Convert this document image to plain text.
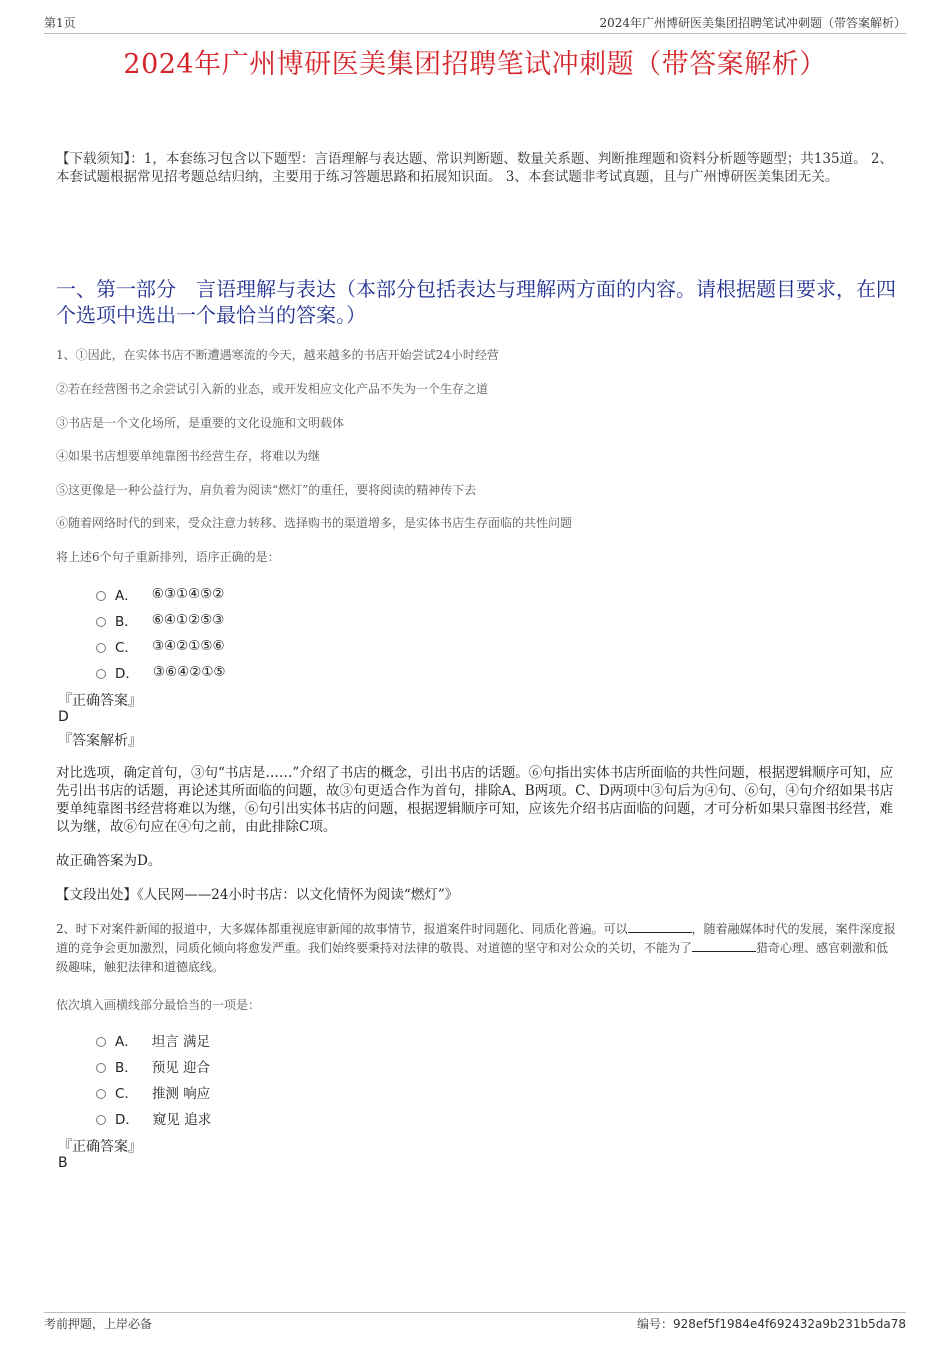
第1页	2024年广州博研医美集团招聘笔试冲刺题（带答案解析）
2024年广州博研医美集团招聘笔试冲刺题（带答案解析）
【下载须知】：1，本套练习包含以下题型：言语理解与表达题、常识判断题、数量关系题、判断推理题和资料分析题等题型；共135道。 2、本套试题根据常见招考题总结归纳，主要用于练习答题思路和拓展知识面。 3、本套试题非考试真题，且与广州博研医美集团无关。
一、第一部分　言语理解与表达（本部分包括表达与理解两方面的内容。请根据题目要求，在四个选项中选出一个最恰当的答案。）
1、①因此，在实体书店不断遭遇寒流的今天，越来越多的书店开始尝试24小时经营
②若在经营图书之余尝试引入新的业态，或开发相应文化产品不失为一个生存之道
③书店是一个文化场所，是重要的文化设施和文明载体
④如果书店想要单纯靠图书经营生存，将难以为继
⑤这更像是一种公益行为，肩负着为阅读“燃灯”的重任，要将阅读的精神传下去
⑥随着网络时代的到来，受众注意力转移、选择购书的渠道增多，是实体书店生存面临的共性问题
将上述6个句子重新排列，语序正确的是：
A． ⑥③①④⑤②
B． ⑥④①②⑤③
C． ③④②①⑤⑥
D． ③⑥④②①⑤
『正确答案』
D
『答案解析』
对比选项，确定首句，③句“书店是……”介绍了书店的概念，引出书店的话题。⑥句指出实体书店所面临的共性问题，根据逻辑顺序可知，应先引出书店的话题，再论述其所面临的问题，故③句更适合作为首句，排除A、B两项。C、D两项中③句后为④句、⑥句，④句介绍如果书店要单纯靠图书经营将难以为继，⑥句引出实体书店的问题，根据逻辑顺序可知，应该先介绍书店面临的问题，才可分析如果只靠图书经营，难以为继，故⑥句应在④句之前，由此排除C项。
故正确答案为D。
【文段出处】《人民网——24小时书店：以文化情怀为阅读“燃灯”》
2、时下对案件新闻的报道中，大多媒体都重视庭审新闻的故事情节，报道案件时同题化、同质化普遍。可以	，随着融媒体时代的发展，案件深度报道的竞争会更加激烈，同质化倾向将愈发严重。我们始终要秉持对法律的敬畏、对道德的坚守和对公众的关切，不能为了	猎奇心理、感官刺激和低级趣味，触犯法律和道德底线。
依次填入画横线部分最恰当的一项是：
A． 坦言 满足
B． 预见 迎合
C． 推测 响应
D． 窥见 追求
『正确答案』
B
考前押题，上岸必备	编号：928ef5f1984e4f692432a9b231b5da78
